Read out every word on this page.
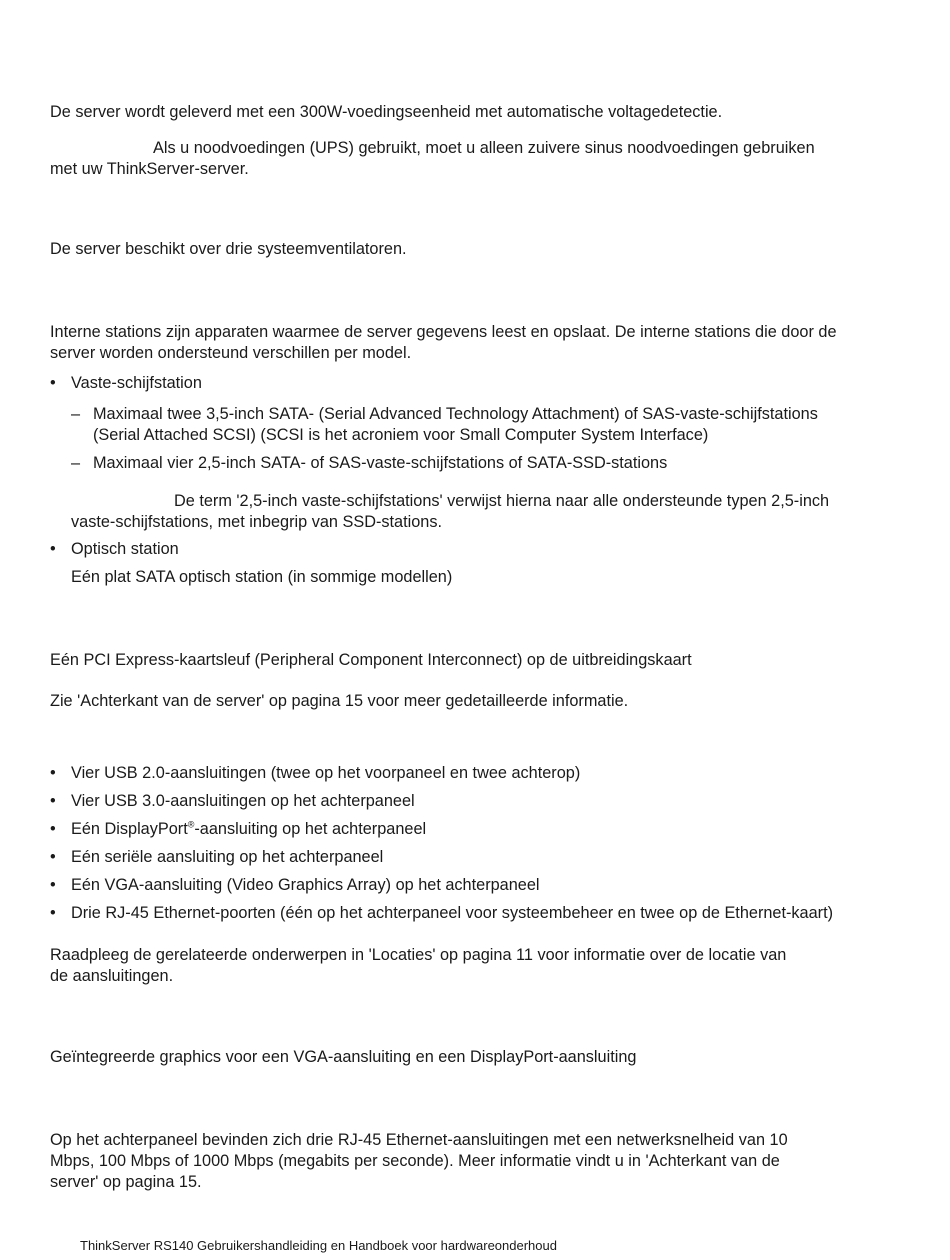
De server wordt geleverd met een 300W-voedingseenheid met automatische voltagedetectie.

Als u noodvoedingen (UPS) gebruikt, moet u alleen zuivere sinus noodvoedingen gebruiken
met uw ThinkServer-server.

De server beschikt over drie systeemventilatoren.

Interne stations zijn apparaten waarmee de server gegevens leest en opslaat. De interne stations die door de
server worden ondersteund verschillen per model.

• Vaste-schijfstation
– Maximaal twee 3,5-inch SATA- (Serial Advanced Technology Attachment) of SAS-vaste-schijfstations
(Serial Attached SCSI) (SCSI is het acroniem voor Small Computer System Interface)
– Maximaal vier 2,5-inch SATA- of SAS-vaste-schijfstations of SATA-SSD-stations

De term '2,5-inch vaste-schijfstations' verwijst hierna naar alle ondersteunde typen 2,5-inch
vaste-schijfstations, met inbegrip van SSD-stations.

• Optisch station

Eén plat SATA optisch station (in sommige modellen)

Eén PCI Express-kaartsleuf (Peripheral Component Interconnect) op de uitbreidingskaart

Zie 'Achterkant van de server' op pagina 15 voor meer gedetailleerde informatie.

• Vier USB 2.0-aansluitingen (twee op het voorpaneel en twee achterop)
• Vier USB 3.0-aansluitingen op het achterpaneel
• Eén DisplayPort®-aansluiting op het achterpaneel
• Eén seriële aansluiting op het achterpaneel
• Eén VGA-aansluiting (Video Graphics Array) op het achterpaneel
• Drie RJ-45 Ethernet-poorten (één op het achterpaneel voor systeembeheer en twee op de Ethernet-kaart)

Raadpleeg de gerelateerde onderwerpen in 'Locaties' op pagina 11 voor informatie over de locatie van
de aansluitingen.

Geïntegreerde graphics voor een VGA-aansluiting en een DisplayPort-aansluiting

Op het achterpaneel bevinden zich drie RJ-45 Ethernet-aansluitingen met een netwerksnelheid van 10
Mbps, 100 Mbps of 1000 Mbps (megabits per seconde). Meer informatie vindt u in 'Achterkant van de
server' op pagina 15.

ThinkServer RS140 Gebruikershandleiding en Handboek voor hardwareonderhoud
